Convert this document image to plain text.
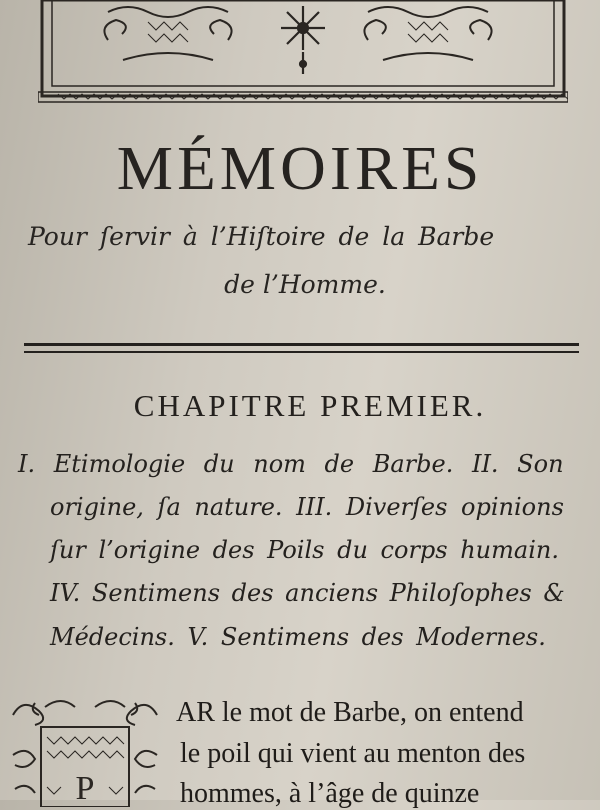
MÉMOIRES
Pour ſervir à l’Hiſtoire de la Barbe
de l’Homme.
CHAPITRE PREMIER.
I. Etimologie du nom de Barbe. II. Son
origine, ſa nature. III. Diverſes opinions
ſur l’origine des Poils du corps humain.
IV. Sentimens des anciens Philoſophes &
Médecins. V. Sentimens des Modernes.
P
AR le mot de Barbe, on entend
le poil qui vient au menton des
hommes, à l’âge de quinze
